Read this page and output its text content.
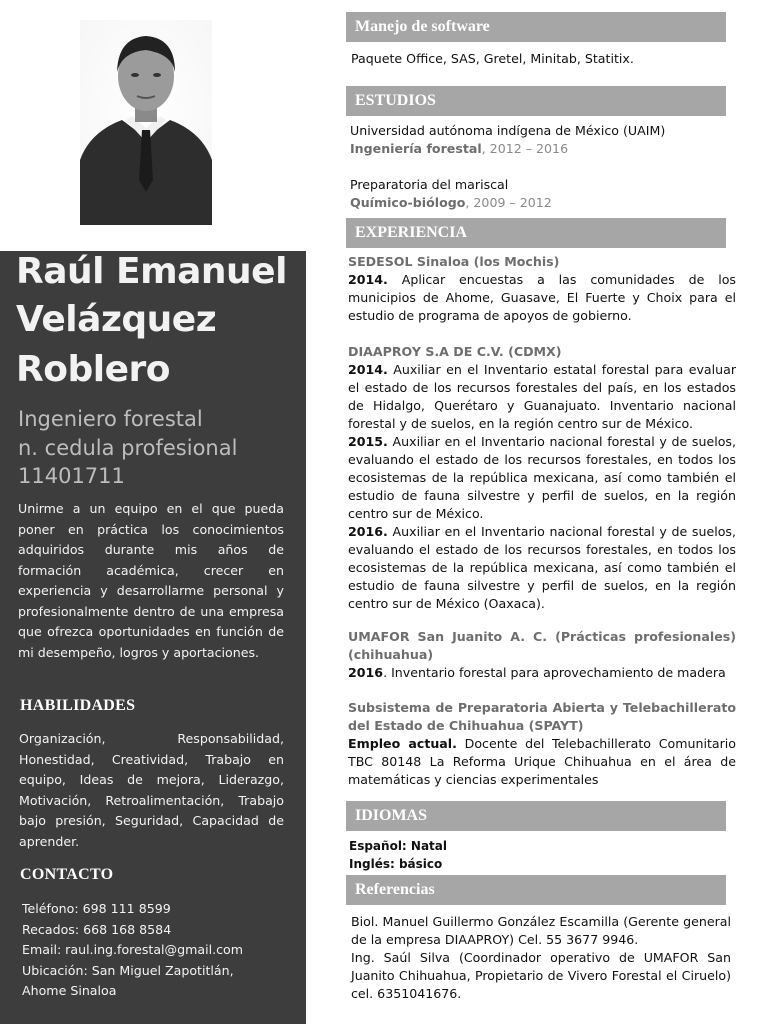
Raúl Emanuel
Velázquez
Roblero
Ingeniero forestal
n. cedula profesional
11401711
Unirme a un equipo en el que pueda poner en práctica los conocimientos adquiridos durante mis años de formación académica, crecer en experiencia y desarrollarme personal y profesionalmente dentro de una empresa que ofrezca oportunidades en función de mi desempeño, logros y aportaciones.
HABILIDADES
Organización, Responsabilidad, Honestidad, Creatividad, Trabajo en equipo, Ideas de mejora, Liderazgo, Motivación, Retroalimentación, Trabajo bajo presión, Seguridad, Capacidad de aprender.
CONTACTO
Teléfono: 698 111 8599
Recados: 668 168 8584
Email: raul.ing.forestal@gmail.com
Ubicación: San Miguel Zapotitlán,
Ahome Sinaloa
Manejo de software
Paquete Office, SAS, Gretel, Minitab, Statitix.
ESTUDIOS
Universidad autónoma indígena de México (UAIM)
Ingeniería forestal, 2012 – 2016
Preparatoria del mariscal
Químico-biólogo, 2009 – 2012
EXPERIENCIA
SEDESOL Sinaloa (los Mochis)
2014. Aplicar encuestas a las comunidades de los municipios de Ahome, Guasave, El Fuerte y Choix para el estudio de programa de apoyos de gobierno.
DIAAPROY S.A DE C.V. (CDMX)
2014. Auxiliar en el Inventario estatal forestal para evaluar el estado de los recursos forestales del país, en los estados de Hidalgo, Querétaro y Guanajuato. Inventario nacional forestal y de suelos, en la región centro sur de México.
2015. Auxiliar en el Inventario nacional forestal y de suelos, evaluando el estado de los recursos forestales, en todos los ecosistemas de la república mexicana, así como también el estudio de fauna silvestre y perfil de suelos, en la región centro sur de México.
2016. Auxiliar en el Inventario nacional forestal y de suelos, evaluando el estado de los recursos forestales, en todos los ecosistemas de la república mexicana, así como también el estudio de fauna silvestre y perfil de suelos, en la región centro sur de México (Oaxaca).
UMAFOR San Juanito A. C. (Prácticas profesionales) (chihuahua)
2016. Inventario forestal para aprovechamiento de madera
Subsistema de Preparatoria Abierta y Telebachillerato del Estado de Chihuahua (SPAYT)
Empleo actual. Docente del Telebachillerato Comunitario TBC 80148 La Reforma Urique Chihuahua en el área de matemáticas y ciencias experimentales
IDIOMAS
Español: Natal
Inglés: básico
Referencias
Biol. Manuel Guillermo González Escamilla (Gerente general de la empresa DIAAPROY) Cel. 55 3677 9946.
Ing. Saúl Silva (Coordinador operativo de UMAFOR San Juanito Chihuahua, Propietario de Vivero Forestal el Ciruelo) cel. 6351041676.
